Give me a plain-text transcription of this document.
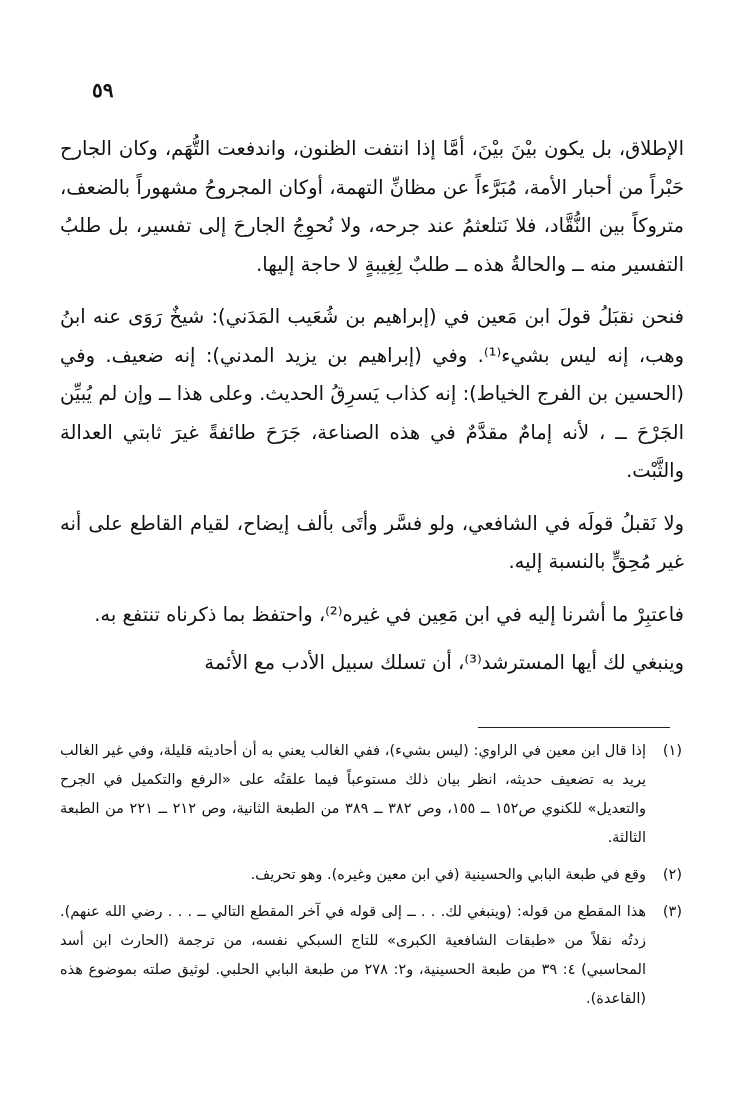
٥٩

الإطلاق، بل يكون بيْنَ بيْنَ، أمَّا إذا انتفت الظنون، واندفعت التُّهَم، وكان الجارح حَبْراً من أحبار الأمة، مُبَرَّءاً عن مظانِّ التهمة، أوكان المجروحُ مشهوراً بالضعف، متروكاً بين النُّقَّاد، فلا نَتلعثمُ عند جرحه، ولا نُحوِجُ الجارحَ إلى تفسير، بل طلبُ التفسير منه ــ والحالةُ هذه ــ طلبٌ لِغِيبةٍ لا حاجة إليها.

فنحن نقبَلُ قولَ ابن مَعين في (إبراهيم بن شُعَيب المَدَني): شيخٌ رَوَى عنه ابنُ وهب، إنه ليس بشيء⁽¹⁾. وفي (إبراهيم بن يزيد المدني): إنه ضعيف. وفي (الحسين بن الفرج الخياط): إنه كذاب يَسرِقُ الحديث. وعلى هذا ــ وإن لم يُبيِّن الجَرْحَ ــ ، لأنه إمامٌ مقدَّمٌ في هذه الصناعة، جَرَحَ طائفةً غيرَ ثابتي العدالة والثَّبْت.

ولا نَقبلُ قولَه في الشافعي، ولو فسَّر وأتَى بألف إيضاح، لقيام القاطع على أنه غير مُحِقٍّ بالنسبة إليه.

فاعتبِرْ ما أشرنا إليه في ابن مَعِين في غيره⁽²⁾، واحتفظ بما ذكرناه تنتفع به.

وينبغي لك أيها المسترشد⁽³⁾، أن تسلك سبيل الأدب مع الأئمة

(١)
إذا قال ابن معين في الراوي: (ليس بشيء)، ففي الغالب يعني به أن أحاديثه قليلة، وفي غير الغالب يريد به تضعيف حديثه، انظر بيان ذلك مستوعباً فيما علقتُه على «الرفع والتكميل في الجرح والتعديل» للكنوي ص١٥٢ ــ ١٥٥، وص ٣٨٢ ــ ٣٨٩ من الطبعة الثانية، وص ٢١٢ ــ ٢٢١ من الطبعة الثالثة.
(٢)
وقع في طبعة البابي والحسينية (في ابن معين وغيره). وهو تحريف.
(٣)
هذا المقطع من قوله: (وينبغي لك. . . ــ إلى قوله في آخر المقطع التالي ــ . . . رضي الله عنهم). زدتُه نقلاً من «طبقات الشافعية الكبرى» للتاج السبكي نفسه، من ترجمة (الحارث ابن أسد المحاسبي) ٤: ٣٩ من طبعة الحسينية، و٢: ٢٧٨ من طبعة البابي الحلبي. لوثيق صلته بموضوع هذه (القاعدة).
